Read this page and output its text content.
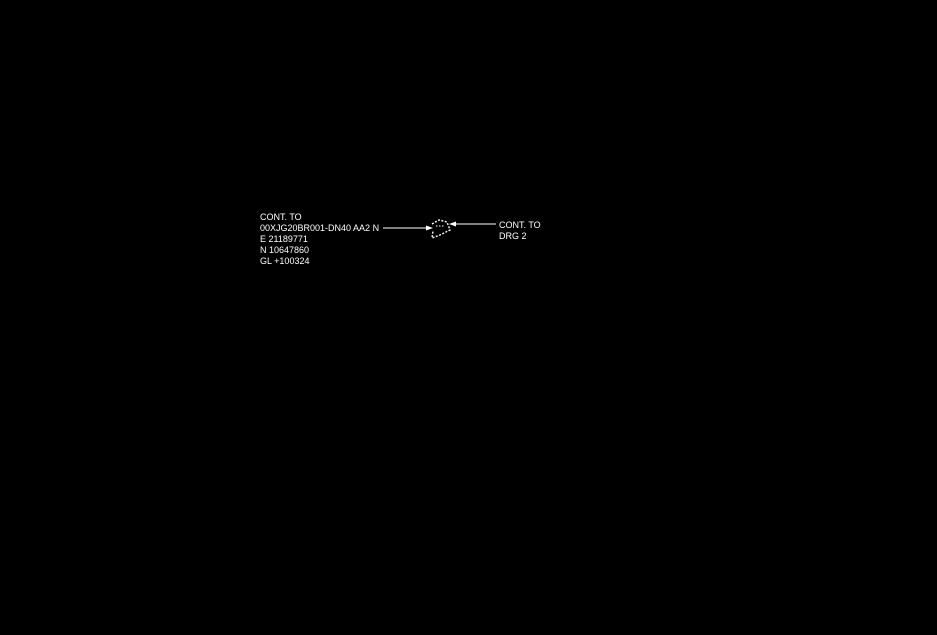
CONT. TO
00XJG20BR001-DN40 AA2 N
E 21189771
N 10647860
GL +100324
CONT. TO
DRG 2
